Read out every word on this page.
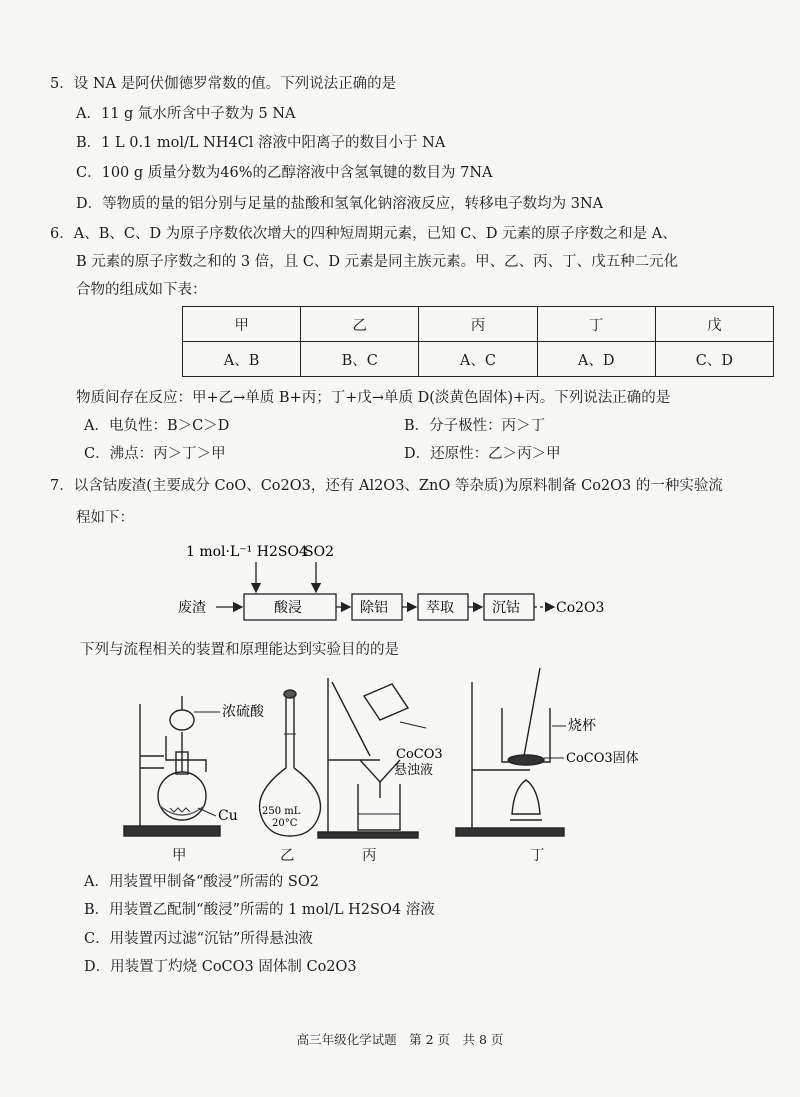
5．设 NA 是阿伏伽德罗常数的值。下列说法正确的是
A．11 g 氚水所含中子数为 5 NA
B．1 L 0.1 mol/L NH4Cl 溶液中阳离子的数目小于 NA
C．100 g 质量分数为46%的乙醇溶液中含氢氧键的数目为 7NA
D．等物质的量的铝分别与足量的盐酸和氢氧化钠溶液反应，转移电子数均为 3NA
6．A、B、C、D 为原子序数依次增大的四种短周期元素，已知 C、D 元素的原子序数之和是 A、
B 元素的原子序数之和的 3 倍，且 C、D 元素是同主族元素。甲、乙、丙、丁、戊五种二元化
合物的组成如下表：
甲	乙	丙	丁	戊
A、B	B、C	A、C	A、D	C、D
物质间存在反应：甲+乙→单质 B+丙；丁+戊→单质 D(淡黄色固体)+丙。下列说法正确的是
A．电负性：B＞C＞D	B．分子极性：丙＞丁
C．沸点：丙＞丁＞甲	D．还原性：乙＞丙＞甲
7．以含钴废渣(主要成分 CoO、Co2O3，还有 Al2O3、ZnO 等杂质)为原料制备 Co2O3 的一种实验流
程如下：
1 mol·L⁻¹ H2SO4
SO2
废渣	酸浸	除铝	萃取	沉钴	Co2O3
下列与流程相关的装置和原理能达到实验目的的是
浓硫酸
Cu 250 mL
20°C
CoCO3
悬浊液
烧杯
CoCO3固体
甲	乙	丙	丁
A．用装置甲制备“酸浸”所需的 SO2
B．用装置乙配制“酸浸”所需的 1 mol/L H2SO4 溶液
C．用装置丙过滤“沉钴”所得悬浊液
D．用装置丁灼烧 CoCO3 固体制 Co2O3
高三年级化学试题　第 2 页　共 8 页
